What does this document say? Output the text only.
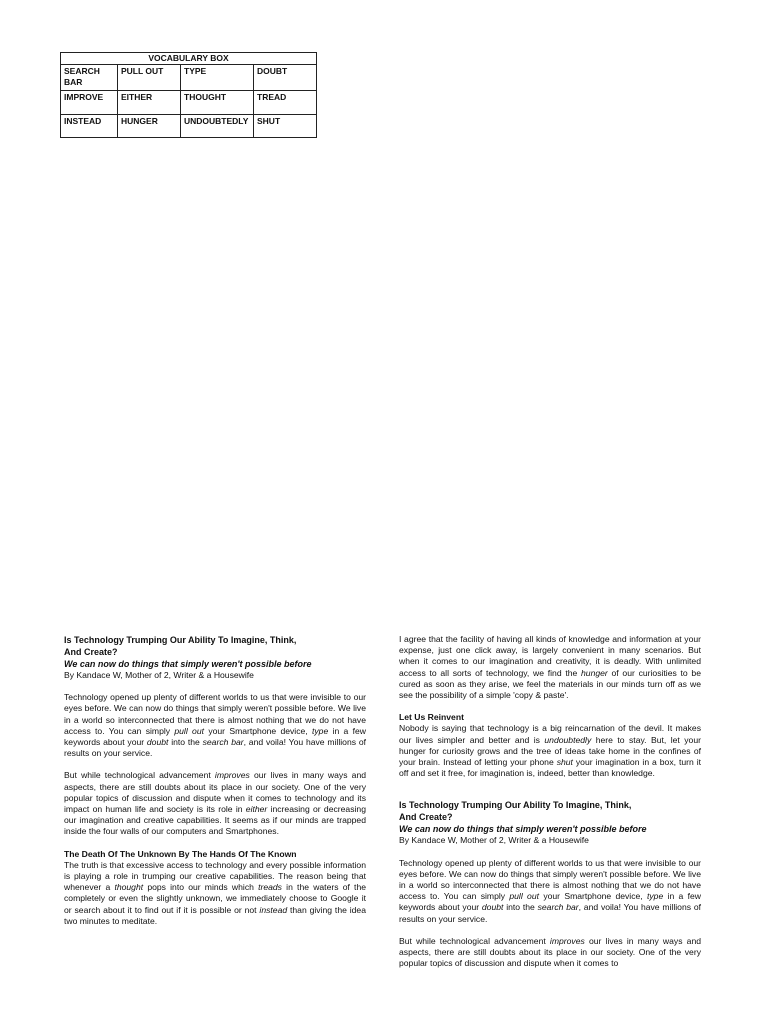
VOCABULARY BOX			
SEARCH BAR	PULL OUT	TYPE	DOUBT
IMPROVE	EITHER	THOUGHT	TREAD
INSTEAD	HUNGER	UNDOUBTEDLY	SHUT
Is Technology Trumping Our Ability To Imagine, Think,
And Create?
We can now do things that simply weren't possible before
By Kandace W, Mother of 2, Writer & a Housewife

Technology opened up plenty of different worlds to us that were invisible to our eyes before. We can now do things that simply weren't possible before. We live in a world so interconnected that there is almost nothing that we do not have access to. You can simply pull out your Smartphone device, type in a few keywords about your doubt into the search bar, and voila! You have millions of results on your service.

But while technological advancement improves our lives in many ways and aspects, there are still doubts about its place in our society. One of the very popular topics of discussion and dispute when it comes to technology and its impact on human life and society is its role in either increasing or decreasing our imagination and creative capabilities. It seems as if our minds are trapped inside the four walls of our computers and Smartphones.

The Death Of The Unknown By The Hands Of The Known

The truth is that excessive access to technology and every possible information is playing a role in trumping our creative capabilities. The reason being that whenever a thought pops into our minds which treads in the waters of the completely or even the slightly unknown, we immediately choose to Google it or search about it to find out if it is possible or not instead than giving the idea two minutes to meditate.

I agree that the facility of having all kinds of knowledge and information at your expense, just one click away, is largely convenient in many scenarios. But when it comes to our imagination and creativity, it is deadly. With unlimited access to all sorts of technology, we find the hunger of our curiosities to be cured as soon as they arise, we feel the materials in our minds turn off as we see the possibility of a simple 'copy & paste'.

Let Us Reinvent

Nobody is saying that technology is a big reincarnation of the devil. It makes our lives simpler and better and is undoubtedly here to stay. But, let your hunger for curiosity grows and the tree of ideas take home in the confines of your brain. Instead of letting your phone shut your imagination in a box, turn it off and set it free, for imagination is, indeed, better than knowledge.

Is Technology Trumping Our Ability To Imagine, Think,
And Create?
We can now do things that simply weren't possible before
By Kandace W, Mother of 2, Writer & a Housewife

Technology opened up plenty of different worlds to us that were invisible to our eyes before. We can now do things that simply weren't possible before. We live in a world so interconnected that there is almost nothing that we do not have access to. You can simply pull out your Smartphone device, type in a few keywords about your doubt into the search bar, and voila! You have millions of results on your service.

But while technological advancement improves our lives in many ways and aspects, there are still doubts about its place in our society. One of the very popular topics of discussion and dispute when it comes to
